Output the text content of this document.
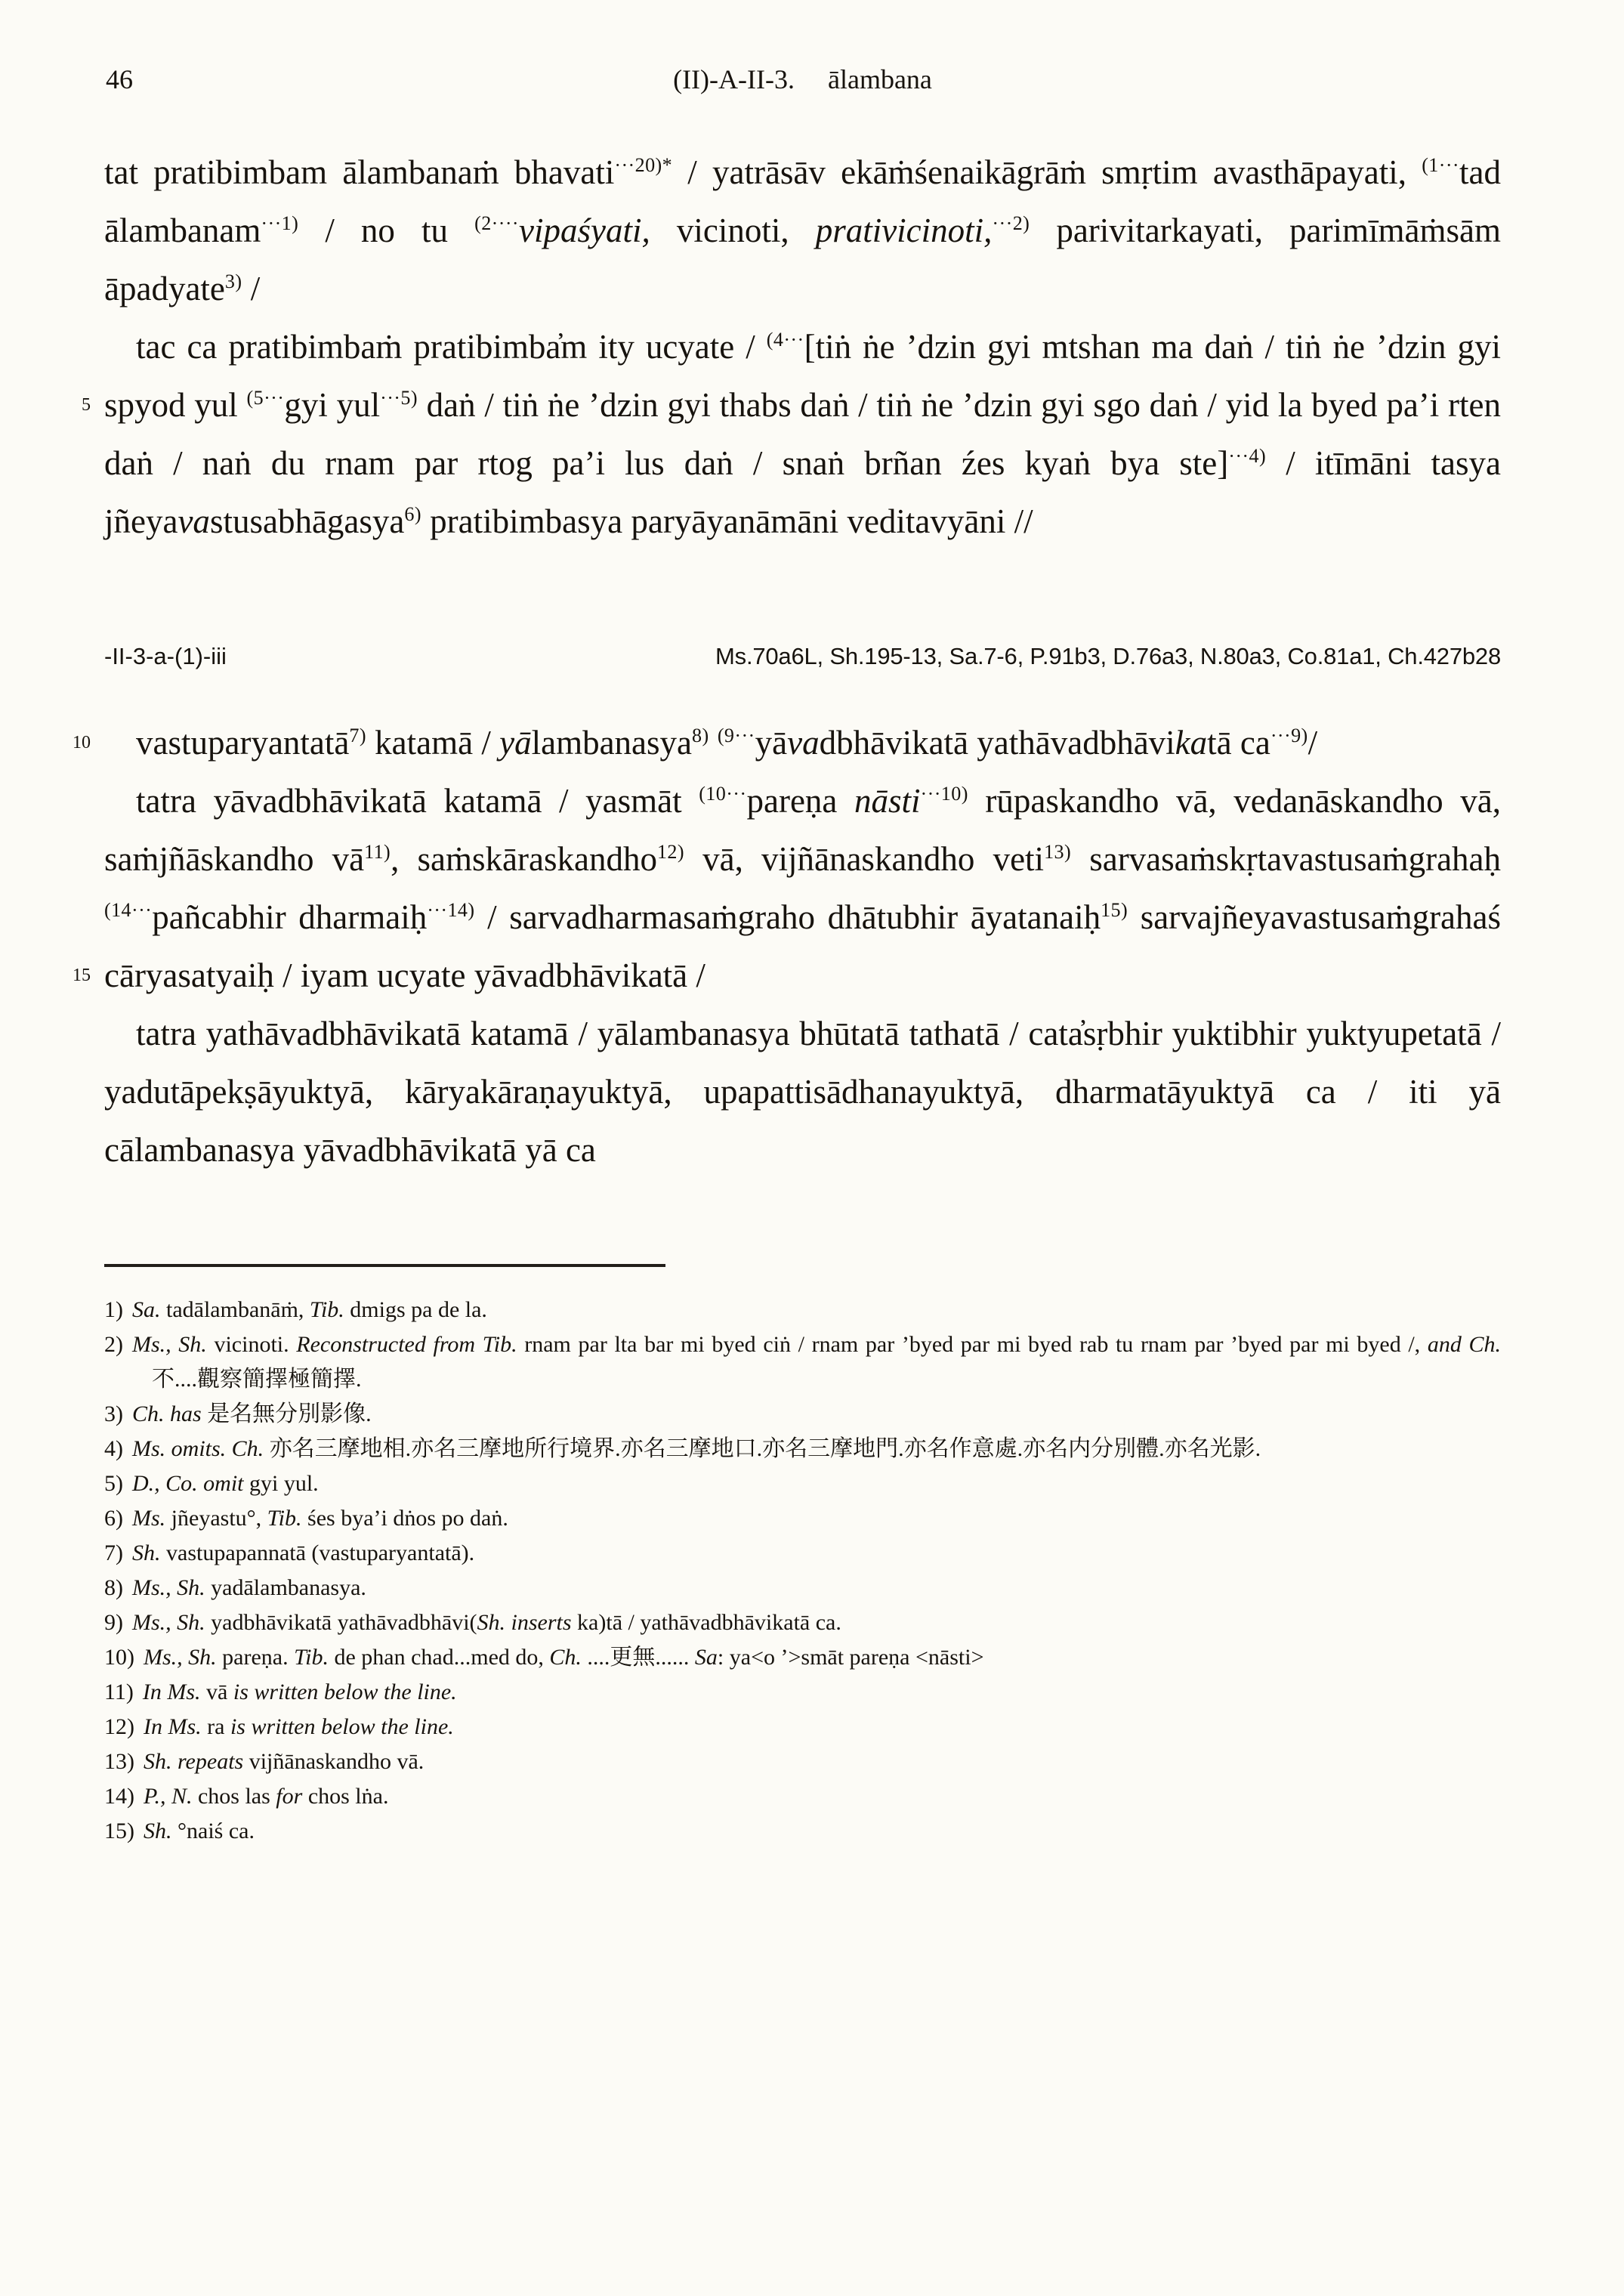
46	(II)-A-II-3. ālambana

tat pratibimbam ālambanaṁ bhavati$^{\cdot\cdot\cdot 20)*}$ / yatrāsāv ekāṁśenaikāgrāṁ smṛtim avasthāpayati, $^{(1\cdot\cdot\cdot}$tad ālambanam$^{\cdot\cdot\cdot 1)}$ / no tu $^{(2\cdot\cdot\cdot\cdot}$vipaśyati, vicinoti, prativicinoti,$^{\cdot\cdot\cdot 2)}$ parivitarkayati, parimīmāṁsām āpadyate$^{3)}$ /

5
tac ca pratibimbaṁ pratibimba̓m ity ucyate / $^{(4\cdot\cdot\cdot}$[tiṅ ṅe ’dzin gyi mtshan ma daṅ / tiṅ ṅe ’dzin gyi spyod yul $^{(5\cdot\cdot\cdot}$gyi yul$^{\cdot\cdot\cdot 5)}$ daṅ / tiṅ ṅe ’dzin gyi thabs daṅ / tiṅ ṅe ’dzin gyi sgo daṅ / yid la byed pa’i rten daṅ / naṅ du rnam par rtog pa’i lus daṅ / snaṅ brñan źes kyaṅ bya ste]$^{\cdot\cdot\cdot 4)}$ / itīmāni tasya jñeyavastusabhāgasya$^{6)}$ pratibimbasya paryāyanāmāni veditavyāni //

-II-3-a-(1)-iii	Ms.70a6L, Sh.195-13, Sa.7-6, P.91b3, D.76a3, N.80a3, Co.81a1, Ch.427b28

10 vastuparyantatā$^{7)}$ katamā / yālambanasya$^{8)}$ $^{(9\cdot\cdot\cdot}$yāvadbhāvikatā yathāvadbhāvikatā $ca^{\cdot\cdot\cdot 9)}/$

15
tatra yāvadbhāvikatā katamā / yasmāt $^{(10\cdot\cdot\cdot}$pareṇa nāsti$^{\cdot\cdot\cdot 10)}$ rūpaskandho vā, vedanāskandho vā, saṁjñāskandho $vā^{11)}$, saṁskāraskandho$^{12)}$ vā, vijñānaskandho veti$^{13)}$ sarvasaṁskṛtavastusaṁgrahaḥ $^{(14\cdot\cdot\cdot}$pañcabhir dharmaiḥ$^{\cdot\cdot\cdot 14)}$ / sarvadharmasaṁgraho dhātubhir āyatanaiḥ$^{15)}$ sarvajñeyavastusaṁgrahaś cāryasatyaiḥ / iyam ucyate yāvadbhāvikatā /

tatra yathāvadbhāvikatā katamā / yālambanasya bhūtatā tathatā / cata̓sṛbhir yuktibhir yuktyupetatā / yadutāpekṣāyuktyā, kāryakāraṇayuktyā, upapattisādhanayuktyā, dharmatāyuktyā ca / iti yā cālambanasya yāvadbhāvikatā yā ca

1) Sa. tadālambanāṁ, Tib. dmigs pa de la.
2) Ms., Sh. vicinoti. Reconstructed from Tib. rnam par lta bar mi byed ciṅ / rnam par ’byed par mi byed rab tu rnam par ’byed par mi byed /, and Ch. 不....觀察簡擇極簡擇.
3) Ch. has 是名無分別影像.
4) Ms. omits. Ch. 亦名三摩地相.亦名三摩地所行境界.亦名三摩地口.亦名三摩地門.亦名作意處.亦名内分別體.亦名光影.
5) D., Co. omit gyi yul.
6) Ms. jñeyastu°, Tib. śes bya’i dṅos po daṅ.
7) Sh. vastupapannatā (vastuparyantatā).
8) Ms., Sh. yadālambanasya.
9) Ms., Sh. yadbhāvikatā yathāvadbhāvi(Sh. inserts ka)tā / yathāvadbhāvikatā ca.
10) Ms., Sh. pareṇa. Tib. de phan chad...med do, Ch. ....更無...... Sa: ya<o ’>smāt pareṇa <nāsti>
11) In Ms. vā is written below the line.
12) In Ms. ra is written below the line.
13) Sh. repeats vijñānaskandho vā.
14) P., N. chos las for chos lṅa.
15) Sh. °naiś ca.
